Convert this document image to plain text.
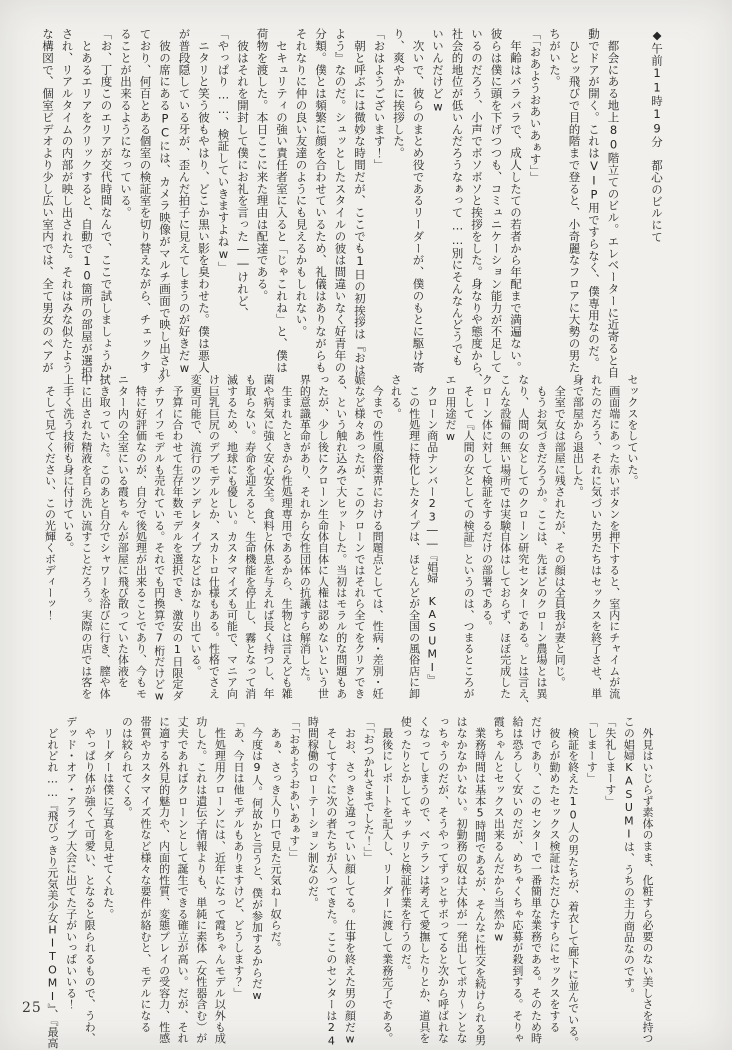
◆午前11時19分　都心のビルにて
　都会にある地上80階立てのビル。エレベーターに近寄ると自
動でドアが開く。これはVIP用ですらなく、僕専用なのだ。
　ひとッ飛びで目的階まで登ると、小奇麗なフロアに大勢の男た
ちがいた。
「「おあようおあいあぁす」」
　年齢はバラバラで、成人したての若者から年配まで満遍ない。
彼らは僕に頭を下げつつも、コミュニケーション能力が不足して
いるのだろう、小声でボソボソと挨拶をした。身なりや態度から、
社会的地位が低いんだろうなぁって……別にそんなんどうでも
いいんだけどw
　次いで、彼らのまとめ役であるリーダーが、僕のもとに駆け寄
り、爽やかに挨拶した。
「おはようございます！」
　朝と呼ぶには微妙な時間だが、ここでも1日の初挨拶は『おは
よう』なのだ。シュッとしたスタイルの彼は間違いなく好青年の
分類。僕とは頻繁に顔を合わせているため、礼儀はありながらも
それなりに仲の良い友達のようにも見えるかもしれない。
　セキュリティの強い責任者室に入ると「じゃこれね」と、僕は
荷物を渡した。本日ここに来た理由は配達である。
　彼はそれを開封して僕にお礼を言った――けれど、
「やっぱり……、検証していきますよねw」
　ニタリと笑う彼もやはり、どこか黒い影を臭わせた。僕は悪人
が普段隠している牙が、歪んだ拍子に見えてしまうのが好きだw
　彼の席にあるPCには、カメラ映像がマルチ画面で映し出され
ており、何百とある個室の検証室を切り替えながら、チェックす
ることが出来るようになっている。
「お、丁度このエリアが交代時間なんで、ここで試しましょうか」
　とあるエリアをクリックすると、自動で10箇所の部屋が選択
され、リアルタイムの内部が映し出された。それはみな似たよう
な構図で、個室ビデオより少し広い室内では、全て男女のペアが
セックスをしていた。
　画面端にあった赤いボタンを押下すると、室内にチャイムが流
れたのだろう、それに気づいた男たちはセックスを終了させ、単
身で部屋から退出した。
　全室で女は部屋に残されたが、その顔は全員我が妻と同じ。
　もうお気づきだろうか。ここは、先ほどのクローン農場とは異
なり、人間の女としてのクローン研究センターである。とは言え、
こんな設備の無い場所では実験自体はしておらず、ほぼ完成した
クローン体に対して検証をするだけの部署である。
　そして『人間の女としての検証』というのは、つまるところが
エロ用途だw
　クローン商品ナンバー23――『娼婦　KASUMI』
　この性処理に特化したタイプは、ほとんどが全国の風俗店に卸
される。
　今までの性風俗業界における問題点としては、性病・差別・妊
娠など様々あったが、このクローンではそれら全てをクリアでき
る、という触れ込みで大ヒットした。当初はモラル的な問題もあ
ったが、少し後にクローン生命体自体に人権は認めないという世
界的意識革命があり、それから女性団体の抗議すら解消した。
　生まれたときから性処理専用であるから、生物とは言えども雑
菌や病気に強く安心安全。食料と休息を与えれば長く持つし、年
も取らない。寿命を迎えると、生命機能を停止し、霧となって消
滅するため、地球にも優しい。カスタマイズも可能で、マニア向
け巨乳巨尻のデブモデルとか、スカトロ仕様もある。性格でさえ
変更可能で、流行のツンデレタイプなどはかなり出ている。
　予算に合わせて生存年数モデルを選択でき、激安の1日限定ダ
ッチワイフモデルも売れている。それでも円換算で7桁だけどw
　特に好評価なのが、自分で後処理が出来ることであり、今もモ
ニター内の全室にいる霞ちゃんが部屋に飛び散っていた体液を
拭き取っていた。このあと自分でシャワーを浴びに行き、膣や体
中に出された精液を自ら洗い流すことだろう。実際の店では客を
上手く洗う技術も身に付けている。
　そして見てください、この光輝くボディーッ！
　外見はいじらず素体のまま、化粧すら必要のない美しさを持つ
この娼婦KASUMIは、うちの主力商品なのです。
「失礼しまーす」
「しまーす」
　検証を終えた10人の男たちが、着衣して廊下に並んでいる。
　彼らが勤めたセックス検証はただひたすらにセックスをする
だけであり、このセンターで一番簡単な業務である。そのため時
給は恐ろしく安いのだが、めちゃくちゃ応募が殺到する。そりゃ
霞ちゃんとセックス出来るんだから当然かw
　業務時間は基本5時間であるが、そんなに性交を続けられる男
はなかなかいない。初勤務の奴は大体が一発出してポカ〜ンとな
っちゃうのだが、そうやってずっとサボってると次から呼ばれな
くなってしまうので、ベテランは考えて愛撫したりとか、道具を
使ったりとかしてキッチリと検証作業を行うのだ。
　最後にレポートを記入し、リーダーに渡して業務完了である。
「「おつかれさまでした！」」
　おお、さっきと違っていい顔してる。仕事を終えた男の顔だw
　そしてすぐに次の者たちが入ってきた。ここのセンターは24
時間稼働のローテーション制なのだ。
「「おあようおあいあぁす」」
　あぁ、さっき入り口で見た元気ねー奴らだ。
　今度は9人。何故かと言うと、僕が参加するからだw
「あ、今日は他モデルもありますけど、どうします？」
　性処理用クローンには、近年になって霞ちゃんモデル以外も成
功した。これは遺伝子情報よりも、単純に素体（女性器含む）が
丈夫であればクローンとして誕生できる確立が高い。だが、それ
に適する外見的魅力や、内面的性質、変態プレイの受容力、性感
帯質やカスタマイズ性など様々な要件が絡むと、モデルになる
のは絞られてくる。
　リーダーは僕に写真を見せてくれた。
　やっぱり体が強くて可愛い、となると限られるもので、うわ、
デッド・オア・アライブ大会に出てた子がいっぱいいる！
　どれどれ……『飛びっきり元気美少女HITOMI』、『最高
25
